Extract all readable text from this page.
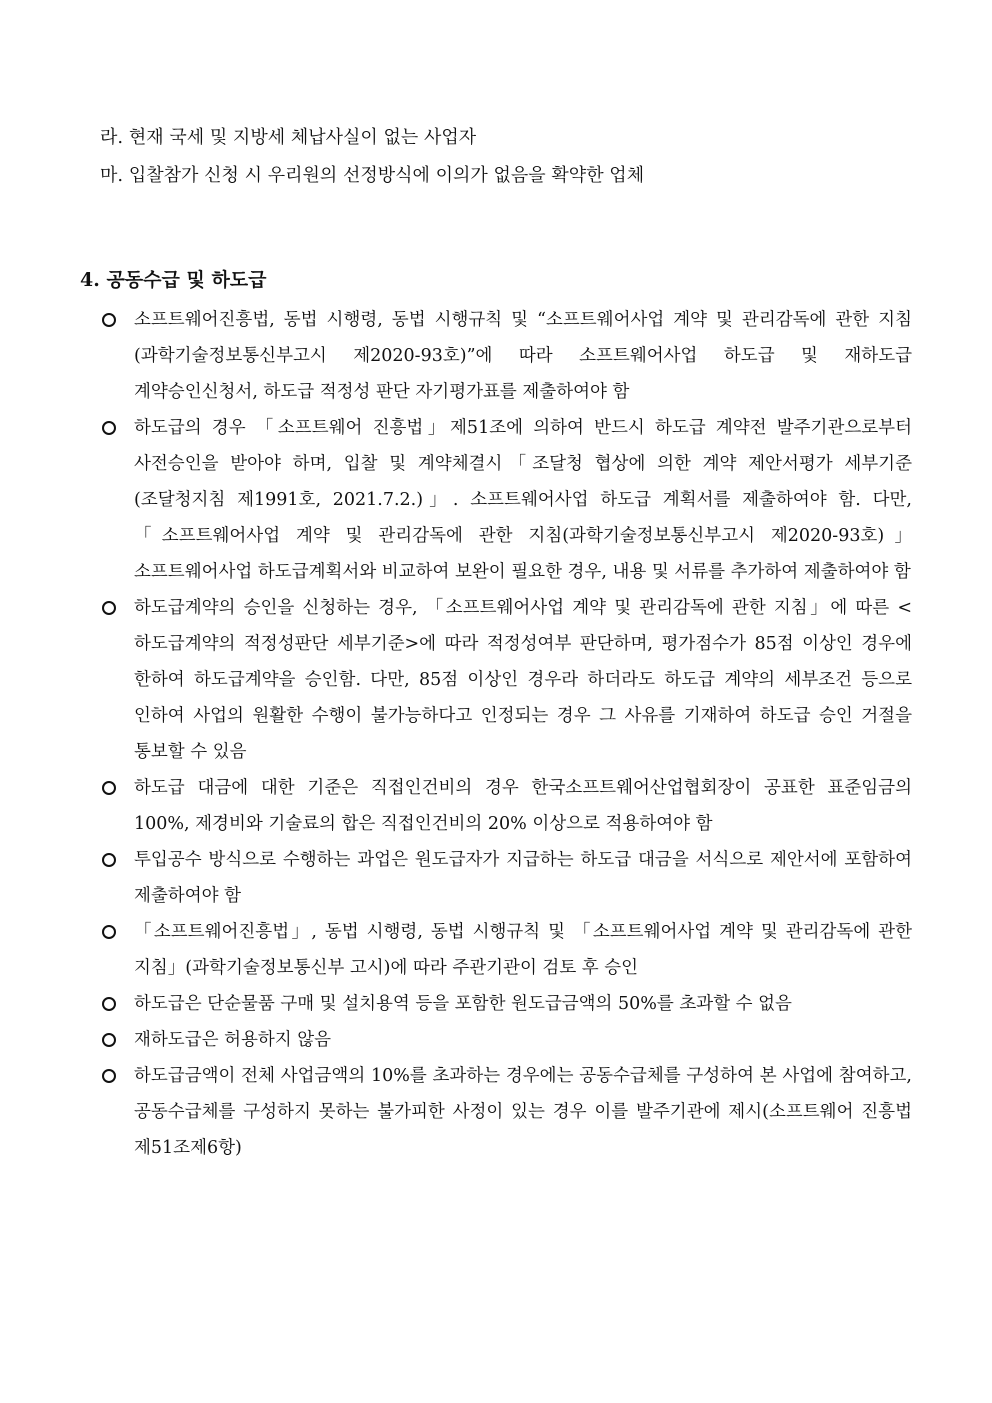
라. 현재 국세 및 지방세 체납사실이 없는 사업자
마. 입찰참가 신청 시 우리원의 선정방식에 이의가 없음을 확약한 업체
4. 공동수급 및 하도급
소프트웨어진흥법, 동법 시행령, 동법 시행규칙 및 “소프트웨어사업 계약 및 관리감독에 관한 지침(과학기술정보통신부고시 제2020-93호)”에 따라 소프트웨어사업 하도급 및 재하도급 계약승인신청서, 하도급 적정성 판단 자기평가표를 제출하여야 함
하도급의 경우 「소프트웨어 진흥법」제51조에 의하여 반드시 하도급 계약전 발주기관으로부터 사전승인을 받아야 하며, 입찰 및 계약체결시「조달청 협상에 의한 계약 제안서평가 세부기준(조달청지침 제1991호, 2021.7.2.)」. 소프트웨어사업 하도급 계획서를 제출하여야 함. 다만,「소프트웨어사업 계약 및 관리감독에 관한 지침(과학기술정보통신부고시 제2020-93호)」 소프트웨어사업 하도급계획서와 비교하여 보완이 필요한 경우, 내용 및 서류를 추가하여 제출하여야 함
하도급계약의 승인을 신청하는 경우, 「소프트웨어사업 계약 및 관리감독에 관한 지침」에 따른 <하도급계약의 적정성판단 세부기준>에 따라 적정성여부 판단하며, 평가점수가 85점 이상인 경우에 한하여 하도급계약을 승인함. 다만, 85점 이상인 경우라 하더라도 하도급 계약의 세부조건 등으로 인하여 사업의 원활한 수행이 불가능하다고 인정되는 경우 그 사유를 기재하여 하도급 승인 거절을 통보할 수 있음
하도급 대금에 대한 기준은 직접인건비의 경우 한국소프트웨어산업협회장이 공표한 표준임금의 100%, 제경비와 기술료의 합은 직접인건비의 20% 이상으로 적용하여야 함
투입공수 방식으로 수행하는 과업은 원도급자가 지급하는 하도급 대금을 서식으로 제안서에 포함하여 제출하여야 함
「소프트웨어진흥법」, 동법 시행령, 동법 시행규칙 및 「소프트웨어사업 계약 및 관리감독에 관한 지침」(과학기술정보통신부 고시)에 따라 주관기관이 검토 후 승인
하도급은 단순물품 구매 및 설치용역 등을 포함한 원도급금액의 50%를 초과할 수 없음
재하도급은 허용하지 않음
하도급금액이 전체 사업금액의 10%를 초과하는 경우에는 공동수급체를 구성하여 본 사업에 참여하고, 공동수급체를 구성하지 못하는 불가피한 사정이 있는 경우 이를 발주기관에 제시(소프트웨어 진흥법 제51조제6항)
